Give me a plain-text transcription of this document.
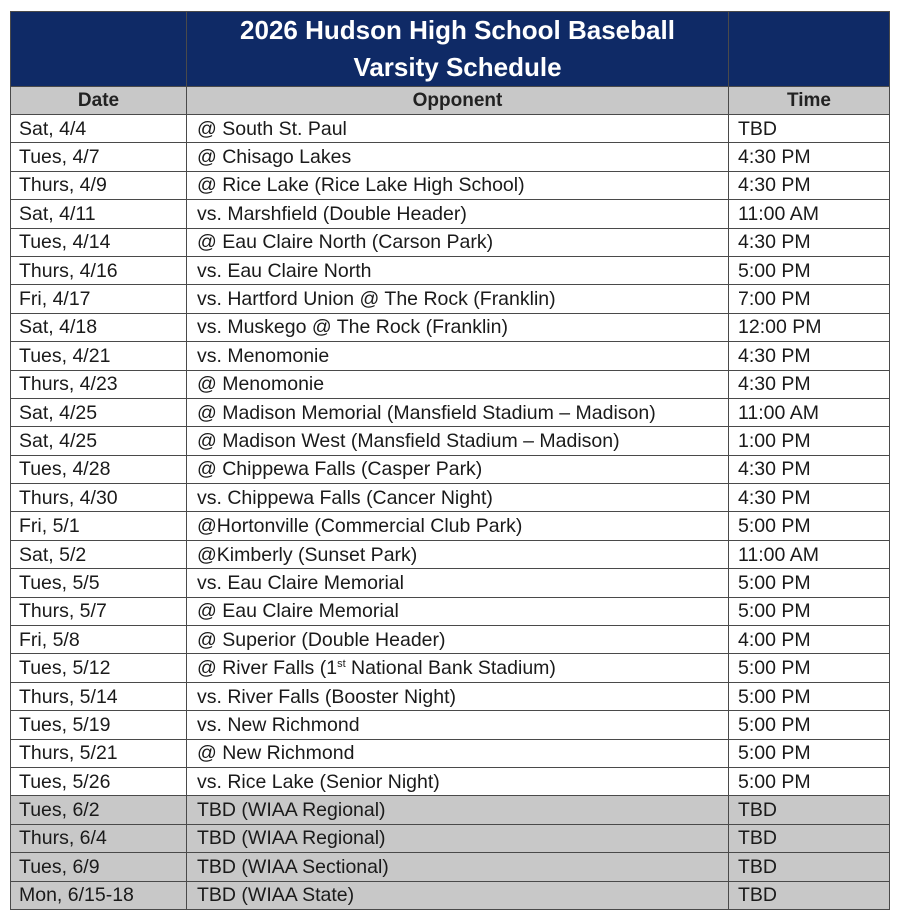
	2026 Hudson High School Baseball
Varsity Schedule	

Date	Opponent	Time
Sat, 4/4	@ South St. Paul	TBD
Tues, 4/7	@ Chisago Lakes	4:30 PM
Thurs, 4/9	@ Rice Lake (Rice Lake High School)	4:30 PM
Sat, 4/11	vs. Marshfield (Double Header)	11:00 AM
Tues, 4/14	@ Eau Claire North (Carson Park)	4:30 PM
Thurs, 4/16	vs. Eau Claire North	5:00 PM
Fri, 4/17	vs. Hartford Union @ The Rock (Franklin)	7:00 PM
Sat, 4/18	vs. Muskego @ The Rock (Franklin)	12:00 PM
Tues, 4/21	vs. Menomonie	4:30 PM
Thurs, 4/23	@ Menomonie	4:30 PM
Sat, 4/25	@ Madison Memorial (Mansfield Stadium – Madison)	11:00 AM
Sat, 4/25	@ Madison West (Mansfield Stadium – Madison)	1:00 PM
Tues, 4/28	@ Chippewa Falls (Casper Park)	4:30 PM
Thurs, 4/30	vs. Chippewa Falls (Cancer Night)	4:30 PM
Fri, 5/1	@Hortonville (Commercial Club Park)	5:00 PM
Sat, 5/2	@Kimberly (Sunset Park)	11:00 AM
Tues, 5/5	vs. Eau Claire Memorial	5:00 PM
Thurs, 5/7	@ Eau Claire Memorial	5:00 PM
Fri, 5/8	@ Superior (Double Header)	4:00 PM
Tues, 5/12	@ River Falls (1st National Bank Stadium)	5:00 PM
Thurs, 5/14	vs. River Falls (Booster Night)	5:00 PM
Tues, 5/19	vs. New Richmond	5:00 PM
Thurs, 5/21	@ New Richmond	5:00 PM
Tues, 5/26	vs. Rice Lake (Senior Night)	5:00 PM
Tues, 6/2	TBD (WIAA Regional)	TBD
Thurs, 6/4	TBD (WIAA Regional)	TBD
Tues, 6/9	TBD (WIAA Sectional)	TBD
Mon, 6/15-18	TBD (WIAA State)	TBD
